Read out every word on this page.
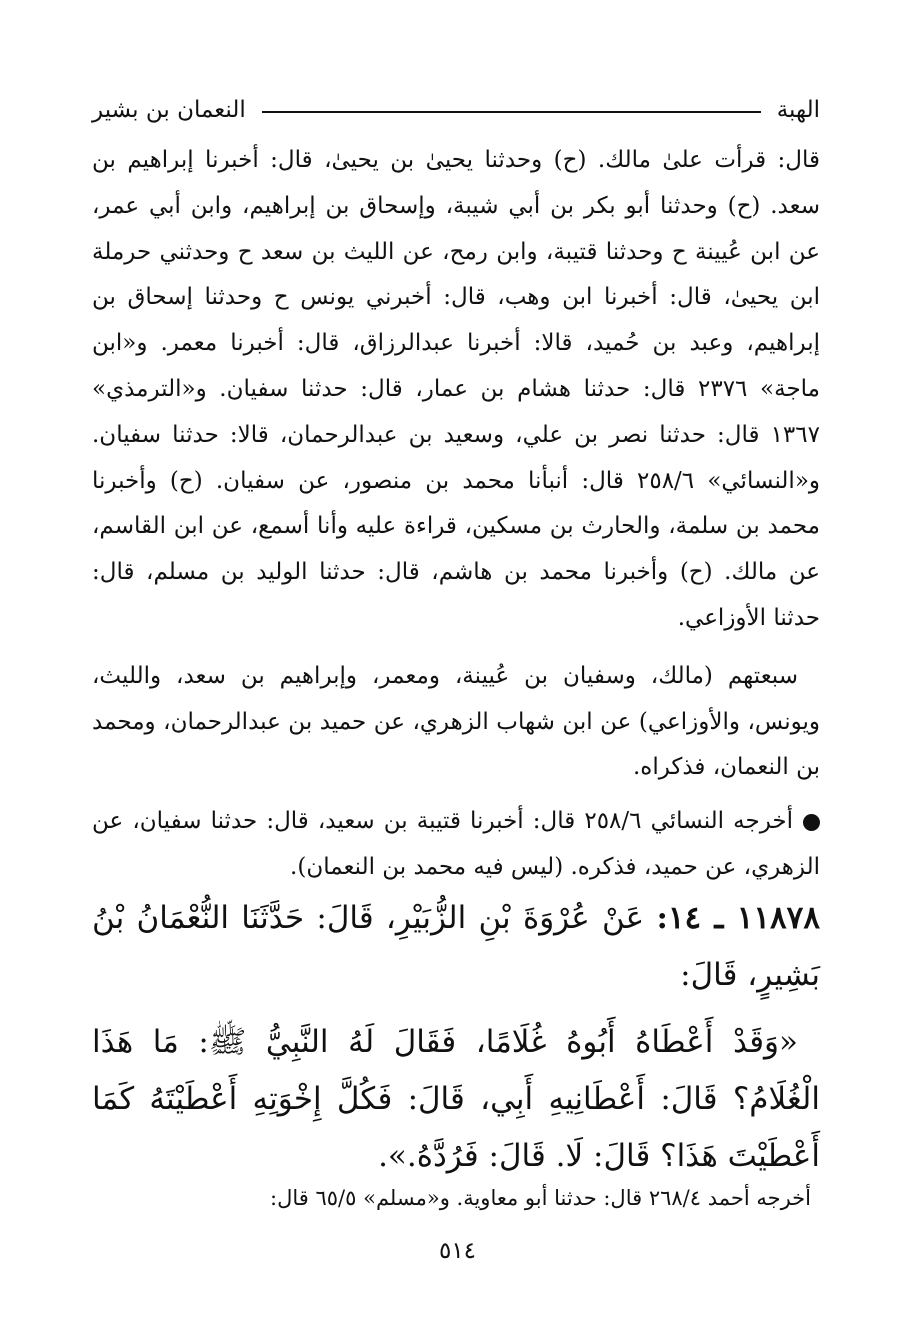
الهبة
النعمان بن بشير

قال: قرأت علىٰ مالك. (ح) وحدثنا يحيىٰ بن يحيىٰ، قال: أخبرنا إبراهيم بن سعد. (ح) وحدثنا أبو بكر بن أبي شيبة، وإسحاق بن إبراهيم، وابن أبي عمر، عن ابن عُيينة ح وحدثنا قتيبة، وابن رمح، عن الليث بن سعد ح وحدثني حرملة ابن يحيىٰ، قال: أخبرنا ابن وهب، قال: أخبرني يونس ح وحدثنا إسحاق بن إبراهيم، وعبد بن حُميد، قالا: أخبرنا عبدالرزاق، قال: أخبرنا معمر. و«ابن ماجة» ٢٣٧٦ قال: حدثنا هشام بن عمار، قال: حدثنا سفيان. و«الترمذي» ١٣٦٧ قال: حدثنا نصر بن علي، وسعيد بن عبدالرحمان، قالا: حدثنا سفيان. و«النسائي» ٢٥٨/٦ قال: أنبأنا محمد بن منصور، عن سفيان. (ح) وأخبرنا محمد بن سلمة، والحارث بن مسكين، قراءة عليه وأنا أسمع، عن ابن القاسم، عن مالك. (ح) وأخبرنا محمد بن هاشم، قال: حدثنا الوليد بن مسلم، قال: حدثنا الأوزاعي.

سبعتهم (مالك، وسفيان بن عُيينة، ومعمر، وإبراهيم بن سعد، والليث، ويونس، والأوزاعي) عن ابن شهاب الزهري، عن حميد بن عبدالرحمان، ومحمد بن النعمان، فذكراه.

أخرجه النسائي ٢٥٨/٦ قال: أخبرنا قتيبة بن سعيد، قال: حدثنا سفيان، عن الزهري، عن حميد، فذكره. (ليس فيه محمد بن النعمان).

١١٨٧٨ ـ ١٤: عَنْ عُرْوَةَ بْنِ الزُّبَيْرِ، قَالَ: حَدَّثَنَا النُّعْمَانُ بْنُ بَشِيرٍ، قَالَ:

«وَقَدْ أَعْطَاهُ أَبُوهُ غُلَامًا، فَقَالَ لَهُ النَّبِيُّ ﷺ: مَا هَذَا الْغُلَامُ؟ قَالَ: أَعْطَانِيهِ أَبِي، قَالَ: فَكُلَّ إِخْوَتِهِ أَعْطَيْتَهُ كَمَا أَعْطَيْتَ هَذَا؟ قَالَ: لَا. قَالَ: فَرُدَّهُ.».

أخرجه أحمد ٢٦٨/٤ قال: حدثنا أبو معاوية. و«مسلم» ٦٥/٥ قال:
٥١٤
